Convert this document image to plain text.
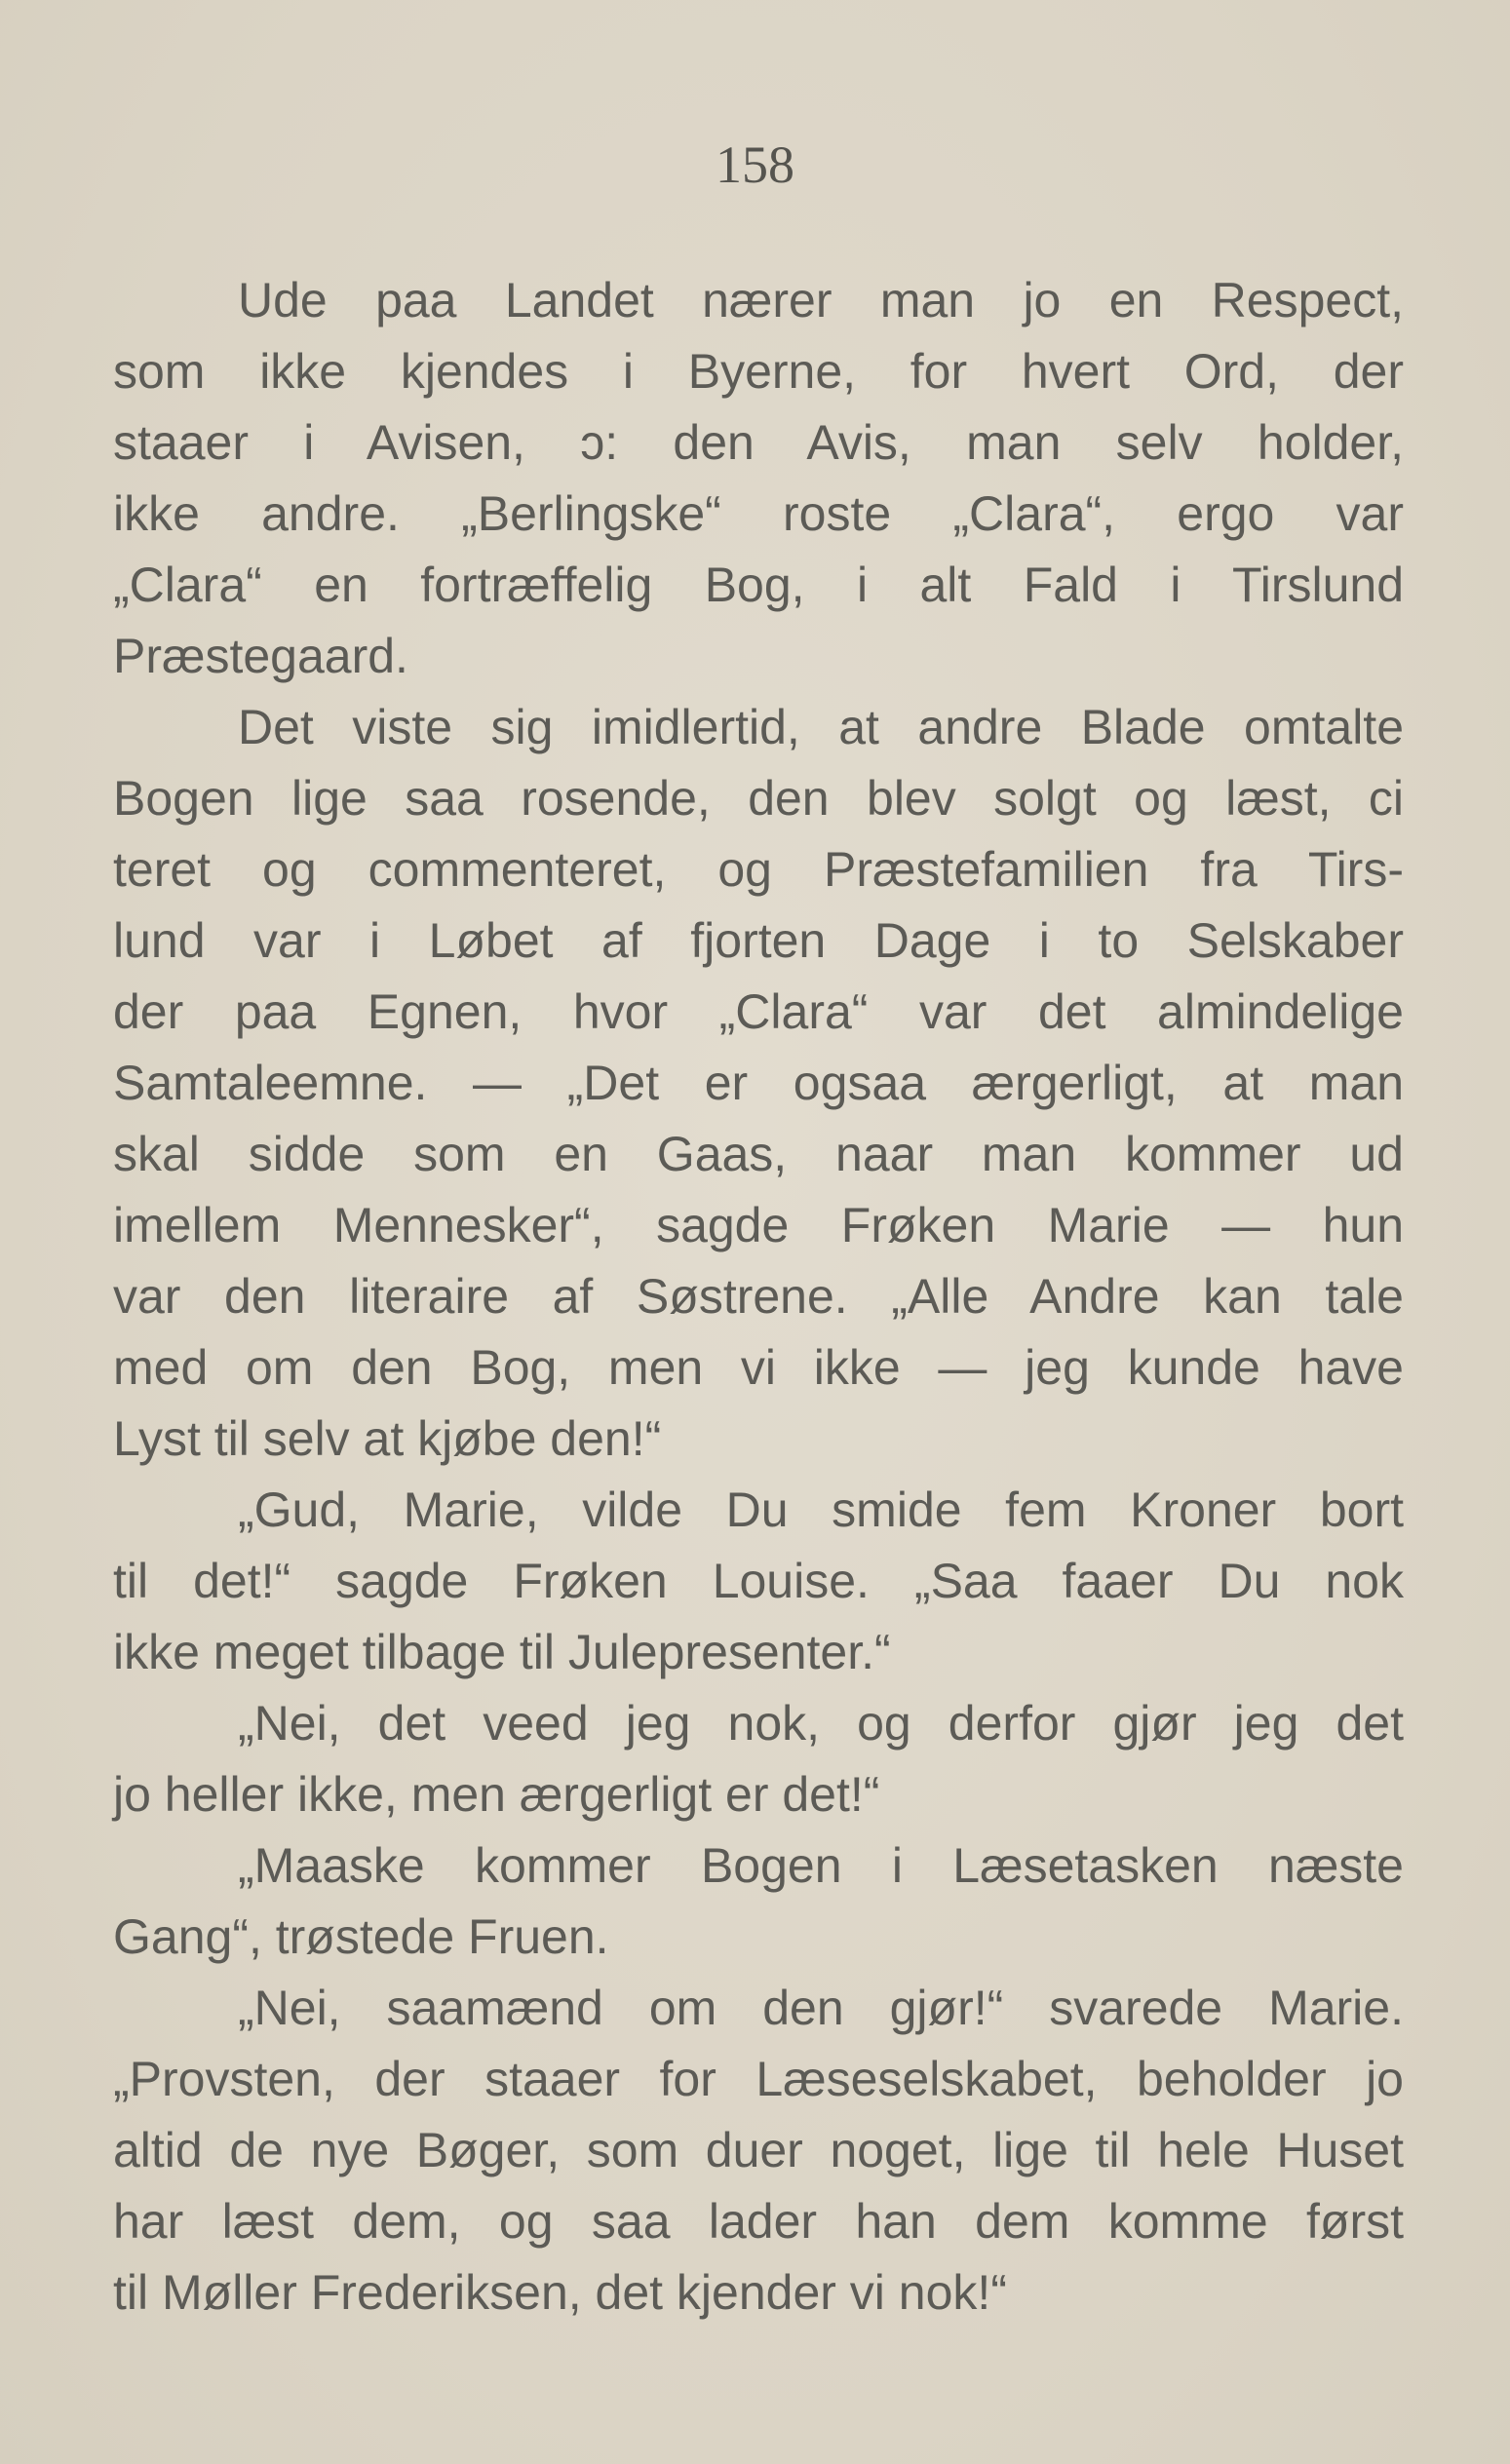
158
Ude paa Landet nærer man jo en Respect,
som ikke kjendes i Byerne, for hvert Ord, der
staaer i Avisen, ɔ: den Avis, man selv holder,
ikke andre. „Berlingske“ roste „Clara“, ergo var
„Clara“ en fortræffelig Bog, i alt Fald i Tirslund
Præstegaard.
Det viste sig imidlertid, at andre Blade omtalte
Bogen lige saa rosende, den blev solgt og læst, ci
teret og commenteret, og Præstefamilien fra Tirs-
lund var i Løbet af fjorten Dage i to Selskaber
der paa Egnen, hvor „Clara“ var det almindelige
Samtaleemne. — „Det er ogsaa ærgerligt, at man
skal sidde som en Gaas, naar man kommer ud
imellem Mennesker“, sagde Frøken Marie — hun
var den literaire af Søstrene. „Alle Andre kan tale
med om den Bog, men vi ikke — jeg kunde have
Lyst til selv at kjøbe den!“
„Gud, Marie, vilde Du smide fem Kroner bort
til det!“ sagde Frøken Louise. „Saa faaer Du nok
ikke meget tilbage til Julepresenter.“
„Nei, det veed jeg nok, og derfor gjør jeg det
jo heller ikke, men ærgerligt er det!“
„Maaske kommer Bogen i Læsetasken næste
Gang“, trøstede Fruen.
„Nei, saamænd om den gjør!“ svarede Marie.
„Provsten, der staaer for Læseselskabet, beholder jo
altid de nye Bøger, som duer noget, lige til hele Huset
har læst dem, og saa lader han dem komme først
til Møller Frederiksen, det kjender vi nok!“
